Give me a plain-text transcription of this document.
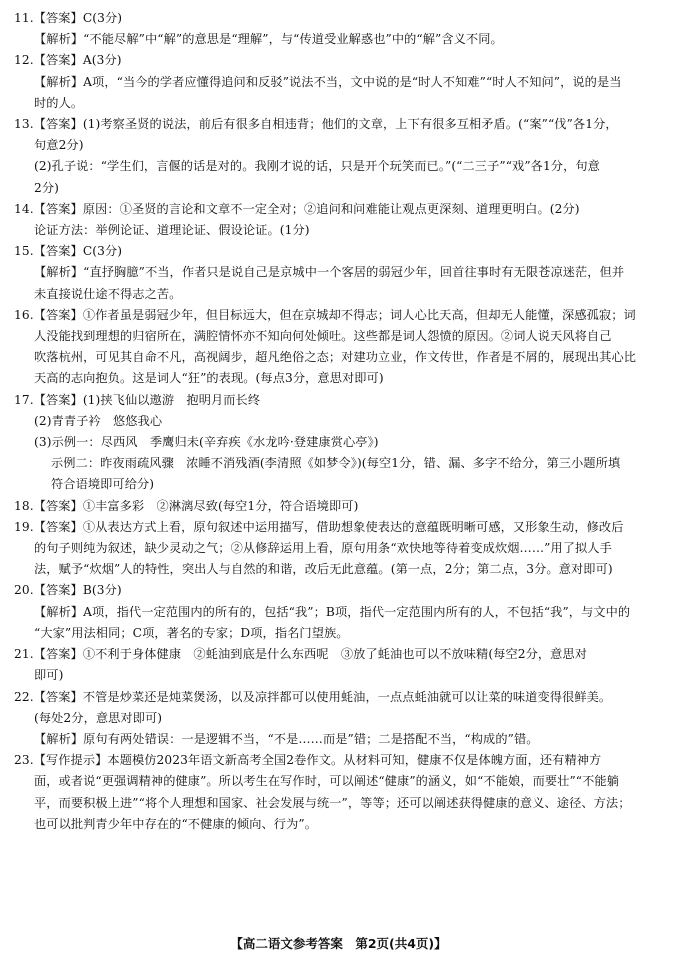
11.【答案】C(3分)
【解析】“不能尽解”中“解”的意思是“理解”，与“传道受业解惑也”中的“解”含义不同。
12.【答案】A(3分)
【解析】A项，“当今的学者应懂得追问和反驳”说法不当，文中说的是“时人不知难”“时人不知问”，说的是当
时的人。
13.【答案】(1)考察圣贤的说法，前后有很多自相违背；他们的文章，上下有很多互相矛盾。(“案”“伐”各1分，
句意2分)
(2)孔子说：“学生们，言偃的话是对的。我刚才说的话，只是开个玩笑而已。”(“二三子”“戏”各1分，句意
2分)
14.【答案】原因：①圣贤的言论和文章不一定全对；②追问和问难能让观点更深刻、道理更明白。(2分)
论证方法：举例论证、道理论证、假设论证。(1分)
15.【答案】C(3分)
【解析】“直抒胸臆”不当，作者只是说自己是京城中一个客居的弱冠少年，回首往事时有无限苍凉迷茫，但并
未直接说仕途不得志之苦。
16.【答案】①作者虽是弱冠少年，但目标远大，但在京城却不得志；词人心比天高，但却无人能懂，深感孤寂；词
人没能找到理想的归宿所在，满腔情怀亦不知向何处倾吐。这些都是词人怨愤的原因。②词人说天风将自己
吹落杭州，可见其自命不凡，高视阔步，超凡绝俗之态；对建功立业，作文传世，作者是不屑的，展现出其心比
天高的志向抱负。这是词人“狂”的表现。(每点3分，意思对即可)
17.【答案】(1)挟飞仙以遨游　抱明月而长终
(2)青青子衿　悠悠我心
(3)示例一：尽西风　季鹰归未(辛弃疾《水龙吟·登建康赏心亭》)
示例二：昨夜雨疏风骤　浓睡不消残酒(李清照《如梦令》)(每空1分，错、漏、多字不给分，第三小题所填
符合语境即可给分)
18.【答案】①丰富多彩　②淋漓尽致(每空1分，符合语境即可)
19.【答案】①从表达方式上看，原句叙述中运用描写，借助想象使表达的意蕴既明晰可感，又形象生动，修改后
的句子则纯为叙述，缺少灵动之气；②从修辞运用上看，原句用条“欢快地等待着变成炊烟……”用了拟人手
法，赋予“炊烟”人的特性，突出人与自然的和谐，改后无此意蕴。(第一点，2分；第二点，3分。意对即可)
20.【答案】B(3分)
【解析】A项，指代一定范围内的所有的，包括“我”；B项，指代一定范围内所有的人，不包括“我”，与文中的
“大家”用法相同；C项，著名的专家；D项，指名门望族。
21.【答案】①不利于身体健康　②蚝油到底是什么东西呢　③放了蚝油也可以不放味精(每空2分，意思对
即可)
22.【答案】不管是炒菜还是炖菜煲汤，以及凉拌都可以使用蚝油，一点点蚝油就可以让菜的味道变得很鲜美。
(每处2分，意思对即可)
【解析】原句有两处错误：一是逻辑不当，“不是……而是”错；二是搭配不当，“构成的”错。
23.【写作提示】本题模仿2023年语文新高考全国2卷作文。从材料可知，健康不仅是体魄方面，还有精神方
面，或者说“更强调精神的健康”。所以考生在写作时，可以阐述“健康”的涵义，如“不能娘，而要壮”“不能躺
平，而要积极上进”“将个人理想和国家、社会发展与统一”，等等；还可以阐述获得健康的意义、途径、方法；
也可以批判青少年中存在的“不健康的倾向、行为”。
【高二语文参考答案　第2页(共4页)】
